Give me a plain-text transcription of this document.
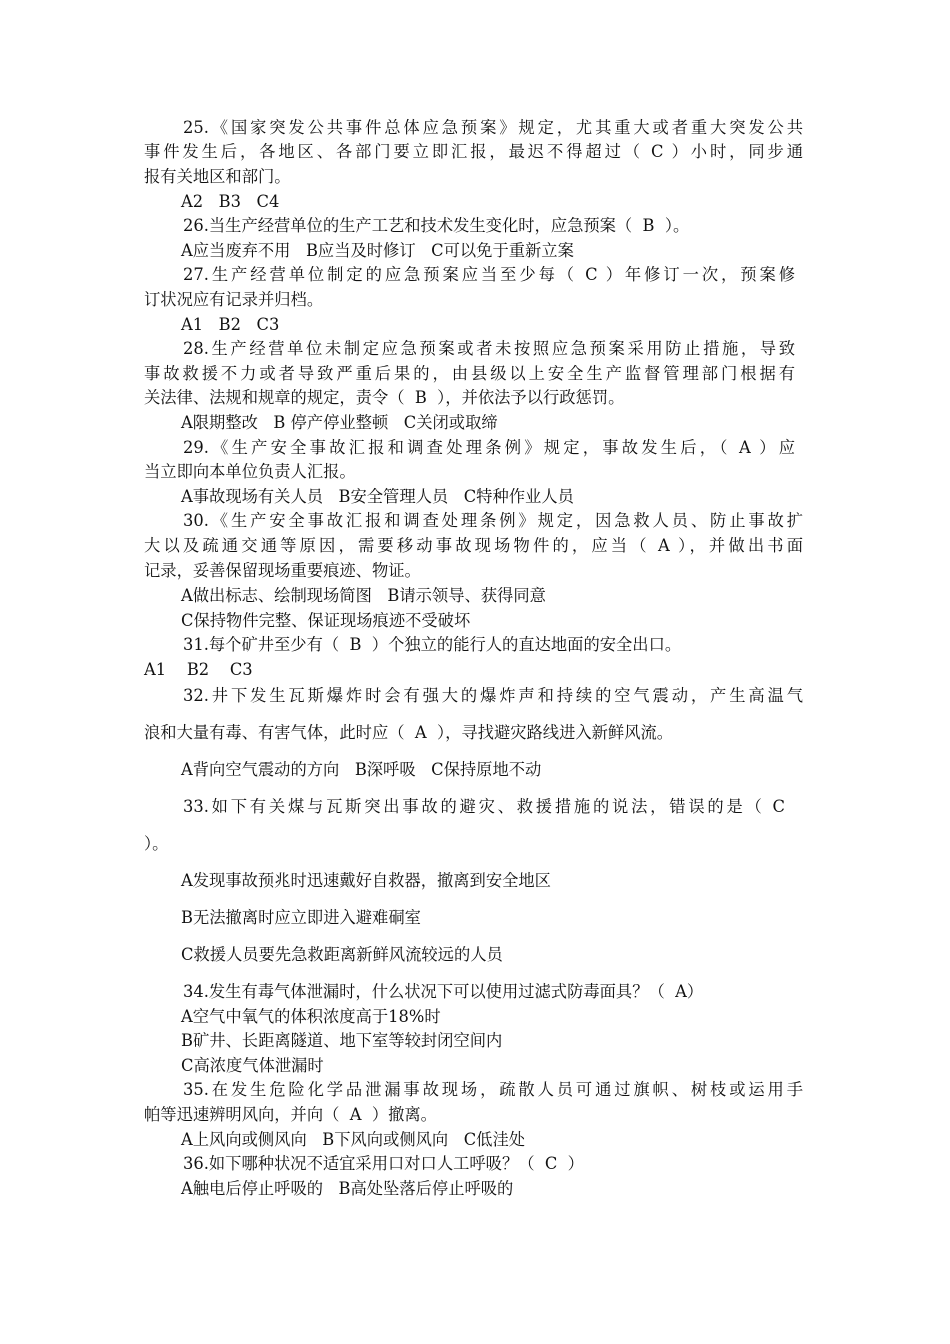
25.《国家突发公共事件总体应急预案》规定，尤其重大或者重大突发公共
事件发生后，各地区、各部门要立即汇报，最迟不得超过（ C ）小时，同步通
报有关地区和部门。
A2   B3   C4
26.当生产经营单位的生产工艺和技术发生变化时，应急预案（  B  ）。
A应当废弃不用   B应当及时修订   C可以免于重新立案
27.生产经营单位制定的应急预案应当至少每（ C ）年修订一次，预案修
订状况应有记录并归档。
A1   B2   C3
28.生产经营单位未制定应急预案或者未按照应急预案采用防止措施，导致
事故救援不力或者导致严重后果的，由县级以上安全生产监督管理部门根据有
关法律、法规和规章的规定，责令（  B  ），并依法予以行政惩罚。
A限期整改   B 停产停业整顿   C关闭或取缔
29.《生产安全事故汇报和调查处理条例》规定，事故发生后，（ A ）应
当立即向本单位负责人汇报。
A事故现场有关人员   B安全管理人员   C特种作业人员
30.《生产安全事故汇报和调查处理条例》规定，因急救人员、防止事故扩
大以及疏通交通等原因，需要移动事故现场物件的，应当（ A ），并做出书面
记录，妥善保留现场重要痕迹、物证。
A做出标志、绘制现场简图   B请示领导、获得同意
C保持物件完整、保证现场痕迹不受破坏
31.每个矿井至少有（  B  ）个独立的能行人的直达地面的安全出口。
A1    B2    C3
32.井下发生瓦斯爆炸时会有强大的爆炸声和持续的空气震动，产生高温气
浪和大量有毒、有害气体，此时应（  A  ），寻找避灾路线进入新鲜风流。
A背向空气震动的方向   B深呼吸   C保持原地不动
33.如下有关煤与瓦斯突出事故的避灾、救援措施的说法，错误的是（ C
）。
A发现事故预兆时迅速戴好自救器，撤离到安全地区
B无法撤离时应立即进入避难硐室
C救援人员要先急救距离新鲜风流较远的人员
34.发生有毒气体泄漏时，什么状况下可以使用过滤式防毒面具？（  A）
A空气中氧气的体积浓度高于18%时
B矿井、长距离隧道、地下室等较封闭空间内
C高浓度气体泄漏时
35.在发生危险化学品泄漏事故现场，疏散人员可通过旗帜、树枝或运用手
帕等迅速辨明风向，并向（  A  ）撤离。
A上风向或侧风向   B下风向或侧风向   C低洼处
36.如下哪种状况不适宜采用口对口人工呼吸？（  C  ）
A触电后停止呼吸的   B高处坠落后停止呼吸的
